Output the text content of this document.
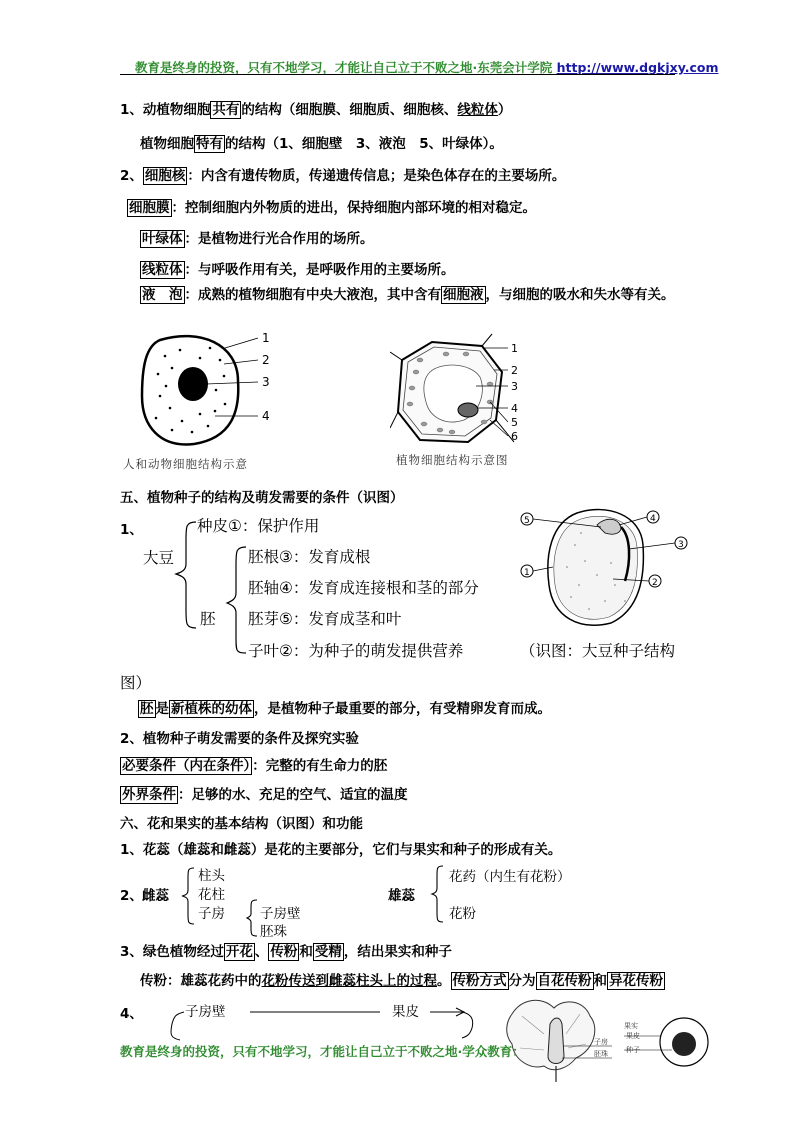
教育是终身的投资，只有不地学习，才能让自己立于不败之地·东莞会计学院 http://www.dgkjxy.com
1、动植物细胞 共有 的结构（细胞膜、细胞质、细胞核、线粒体）
植物细胞 特有 的结构（1、细胞壁　3、液泡　5、叶绿体）。
2、 细胞核 ：内含有遗传物质，传递遗传信息；是染色体存在的主要场所。
细胞膜 ：控制细胞内外物质的进出，保持细胞内部环境的相对稳定。
叶绿体 ：是植物进行光合作用的场所。
线粒体 ：与呼吸作用有关，是呼吸作用的主要场所。
液　泡 ：成熟的植物细胞有中央大液泡，其中含有 细胞液 ，与细胞的吸水和失水等有关。
1
2
3
4
人和动物细胞结构示意
1
2
3
4
5
6
植物细胞结构示意图
五、植物种子的结构及萌发需要的条件（识图）
1、	种皮①：保护作用
大豆
胚
胚根③：发育成根
胚轴④：发育成连接根和茎的部分
胚芽⑤：发育成茎和叶
子叶②：为种子的萌发提供营养	（识图：大豆种子结构
图）
5	4
3
1
2
胚 是 新植株的幼体 ，是植物种子最重要的部分，有受精卵发育而成。
2、植物种子萌发需要的条件及探究实验
必要条件（内在条件） ：完整的有生命力的胚
外界条件 ：足够的水、充足的空气、适宜的温度
六、花和果实的基本结构（识图）和功能
1、花蕊（雄蕊和雌蕊）是花的主要部分，它们与果实和种子的形成有关。
2、 雌蕊
柱头
花柱
子房	子房壁
胚珠
雄蕊
花药（内生有花粉）
花粉
3、绿色植物经过 开花 、 传粉 和 受精 ，结出果实和种子
传粉：雄蕊花药中的花粉传送到雌蕊柱头上的过程。 传粉方式 分为 自花传粉 和 异花传粉
4、	子房壁	果皮
果实
果皮
种子
子房
胚珠
教育是终身的投资，只有不地学习，才能让自己立于不败之地·学众教育：
